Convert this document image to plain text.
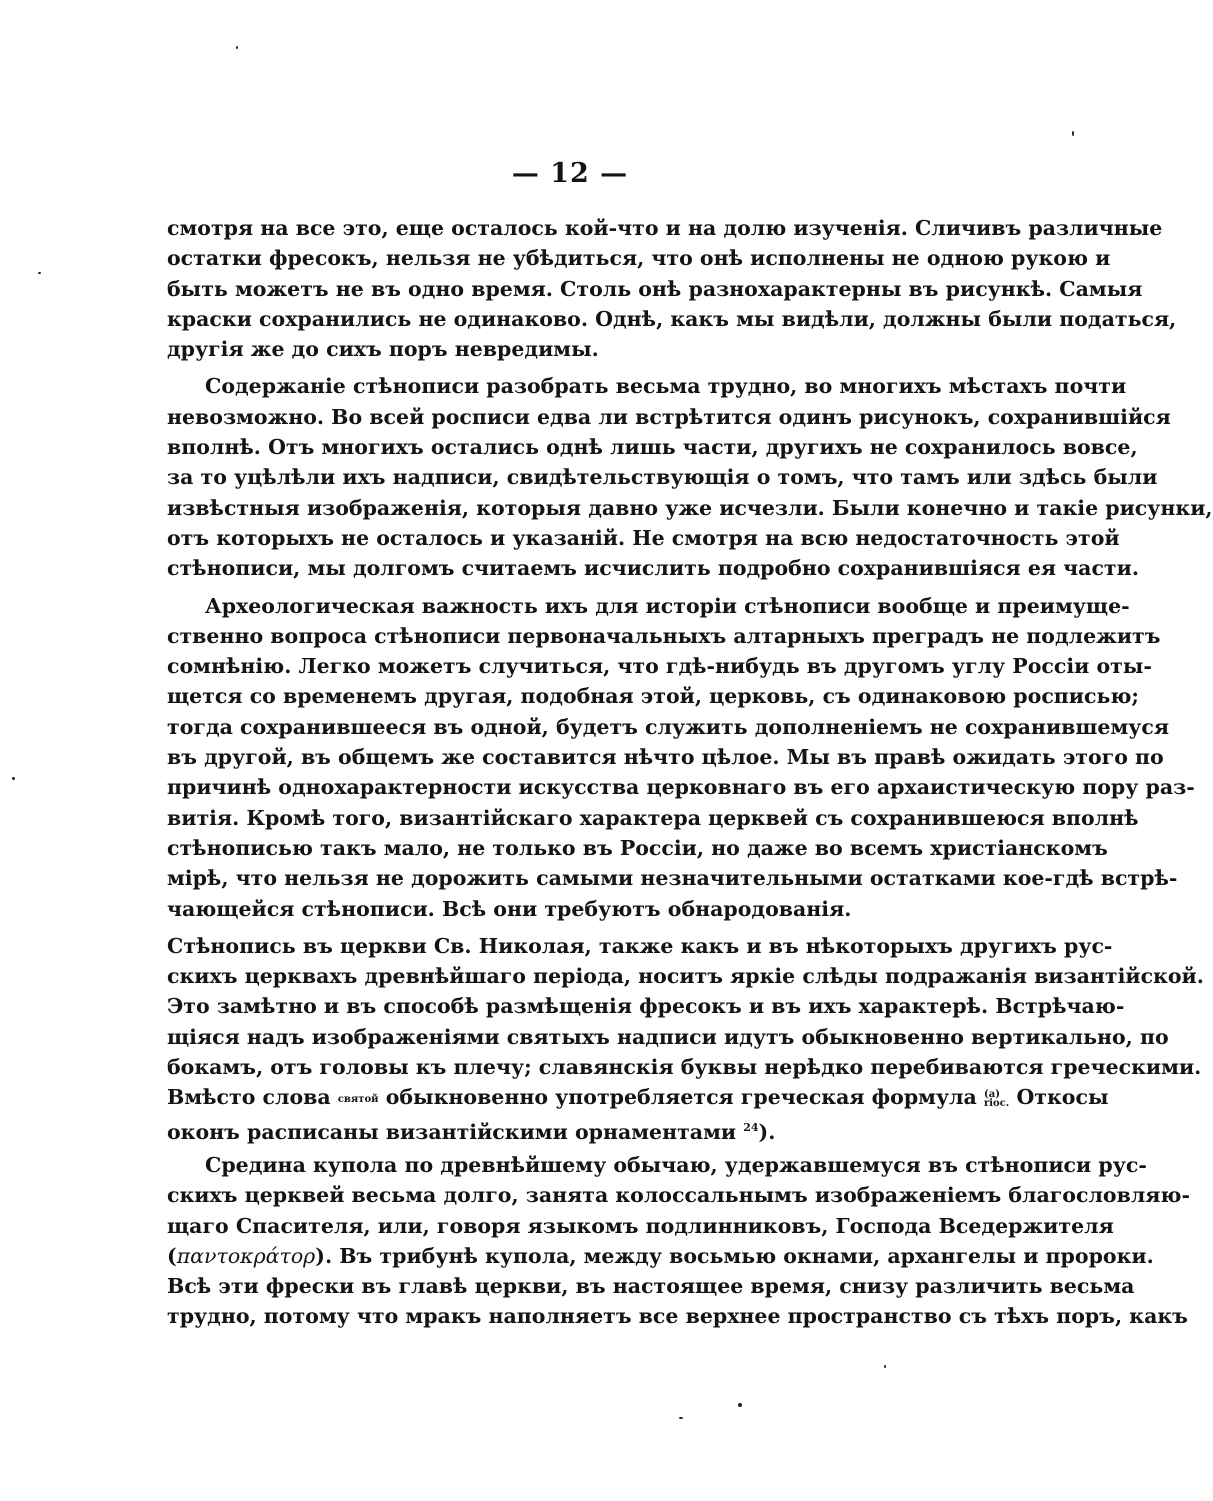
— 12 —
смотря на все это, еще осталось кой-что и на долю изученія. Сличивъ различные
остатки фресокъ, нельзя не убѣдиться, что онѣ исполнены не одною рукою и
быть можетъ не въ одно время. Столь онѣ разнохарактерны въ рисункѣ. Самыя
краски сохранились не одинаково. Однѣ, какъ мы видѣли, должны были податься,
другія же до сихъ поръ невредимы.
Содержаніе стѣнописи разобрать весьма трудно, во многихъ мѣстахъ почти
невозможно. Во всей росписи едва ли встрѣтится одинъ рисунокъ, сохранившійся
вполнѣ. Отъ многихъ остались однѣ лишь части, другихъ не сохранилось вовсе,
за то уцѣлѣли ихъ надписи, свидѣтельствующія о томъ, что тамъ или здѣсь были
извѣстныя изображенія, которыя давно уже исчезли. Были конечно и такіе рисунки,
отъ которыхъ не осталось и указаній. Не смотря на всю недостаточность этой
стѣнописи, мы долгомъ считаемъ исчислить подробно сохранившіяся ея части.
Археологическая важность ихъ для исторіи стѣнописи вообще и преимуще-
ственно вопроса стѣнописи первоначальныхъ алтарныхъ преградъ не подлежитъ
сомнѣнію. Легко можетъ случиться, что гдѣ-нибудь въ другомъ углу Россіи оты-
щется со временемъ другая, подобная этой, церковь, съ одинаковою росписью;
тогда сохранившееся въ одной, будетъ служить дополненіемъ не сохранившемуся
въ другой, въ общемъ же составится нѣчто цѣлое. Мы въ правѣ ожидать этого по
причинѣ однохарактерности искусства церковнаго въ его архаистическую пору раз-
витія. Кромѣ того, византійскаго характера церквей съ сохранившеюся вполнѣ
стѣнописью такъ мало, не только въ Россіи, но даже во всемъ христіанскомъ
мірѣ, что нельзя не дорожить самыми незначительными остатками кое-гдѣ встрѣ-
чающейся стѣнописи. Всѣ они требуютъ обнародованія.
Стѣнопись въ церкви Св. Николая, также какъ и въ нѣкоторыхъ другихъ рус-
скихъ церквахъ древнѣйшаго періода, носитъ яркіе слѣды подражанія византійской.
Это замѣтно и въ способѣ размѣщенія фресокъ и въ ихъ характерѣ. Встрѣчаю-
щіяся надъ изображеніями святыхъ надписи идутъ обыкновенно вертикально, по
бокамъ, отъ головы къ плечу; славянскія буквы нерѣдко перебиваются греческими.
Вмѣсто слова святой обыкновенно употребляется греческая формула (a)
riос. Откосы
оконъ расписаны византійскими орнаментами $^{24}$).
Средина купола по древнѣйшему обычаю, удержавшемуся въ стѣнописи рус-
скихъ церквей весьма долго, занята колоссальнымъ изображеніемъ благословляю-
щаго Спасителя, или, говоря языкомъ подлинниковъ, Господа Вседержителя
(παντοκράτορ). Въ трибунѣ купола, между восьмью окнами, архангелы и пророки.
Всѣ эти фрески въ главѣ церкви, въ настоящее время, снизу различить весьма
трудно, потому что мракъ наполняетъ все верхнее пространство съ тѣхъ поръ, какъ
